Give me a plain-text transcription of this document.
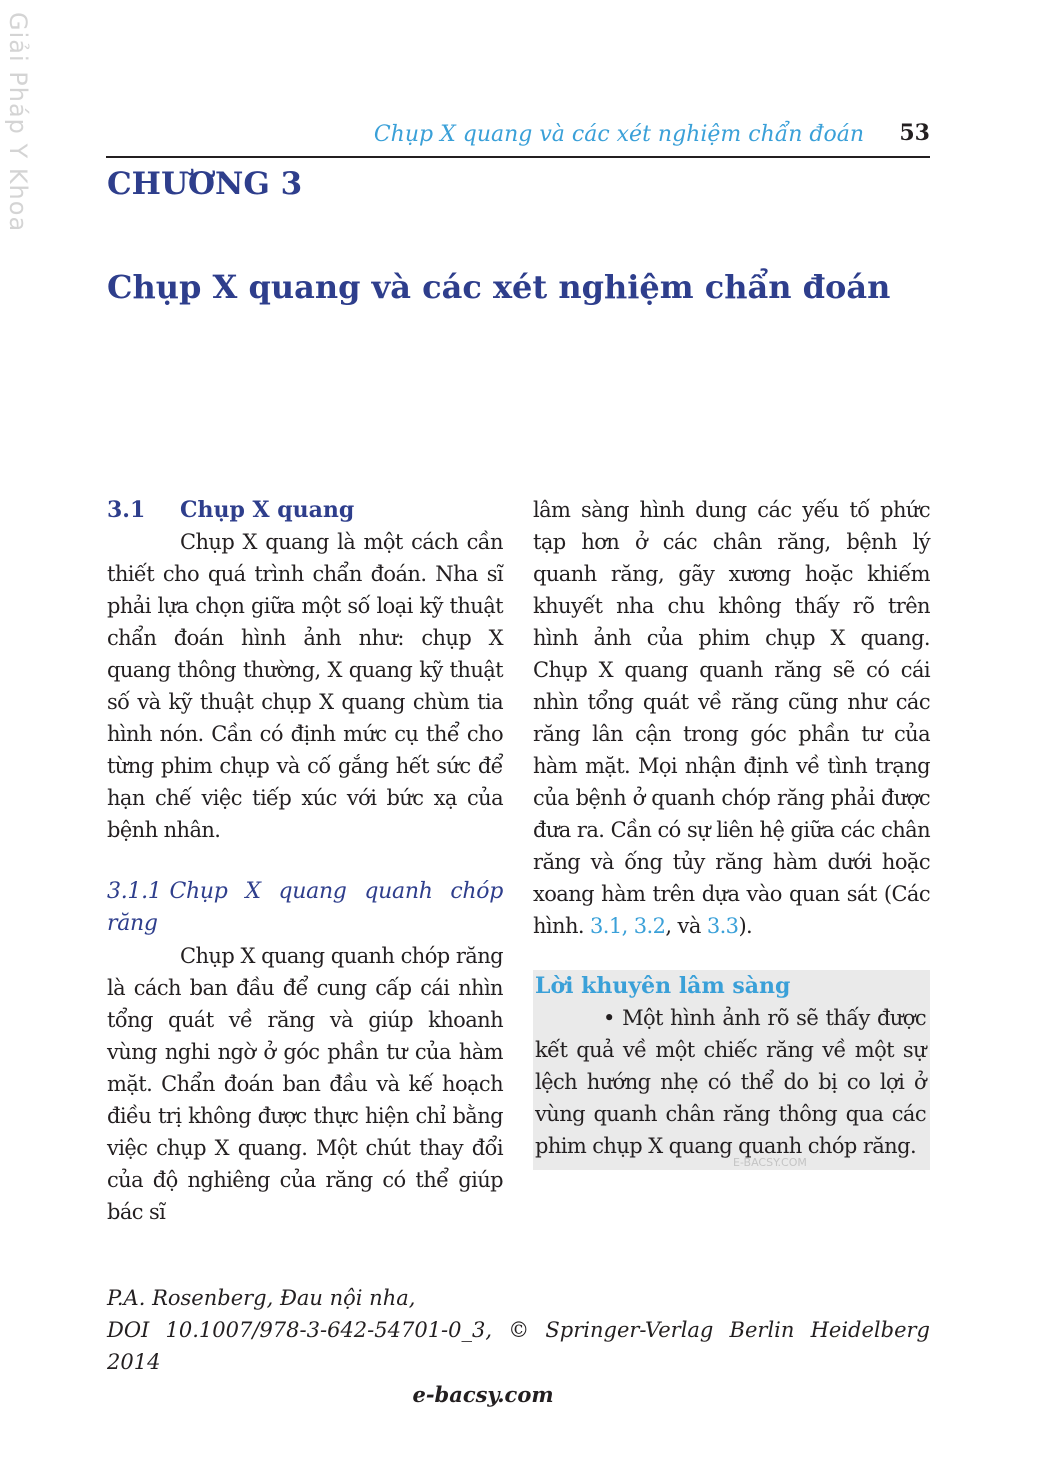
Giải Pháp Y Khoa	Chụp X quang và các xét nghiệm chẩn đoán 53
CHƯƠNG 3
Chụp X quang và các xét nghiệm chẩn đoán
3.1 Chụp X quang

Chụp X quang là một cách cần thiết cho quá trình chẩn đoán. Nha sĩ phải lựa chọn giữa một số loại kỹ thuật chẩn đoán hình ảnh như: chụp X quang thông thường, X quang kỹ thuật số và kỹ thuật chụp X quang chùm tia hình nón. Cần có định mức cụ thể cho từng phim chụp và cố gắng hết sức để hạn chế việc tiếp xúc với bức xạ của bệnh nhân.

3.1.1 Chụp X quang quanh chóp răng

Chụp X quang quanh chóp răng là cách ban đầu để cung cấp cái nhìn tổng quát về răng và giúp khoanh vùng nghi ngờ ở góc phần tư của hàm mặt. Chẩn đoán ban đầu và kế hoạch điều trị không được thực hiện chỉ bằng việc chụp X quang. Một chút thay đổi của độ nghiêng của răng có thể giúp bác sĩ

lâm sàng hình dung các yếu tố phức tạp hơn ở các chân răng, bệnh lý quanh răng, gãy xương hoặc khiếm khuyết nha chu không thấy rõ trên hình ảnh của phim chụp X quang. Chụp X quang quanh răng sẽ có cái nhìn tổng quát về răng cũng như các răng lân cận trong góc phần tư của hàm mặt. Mọi nhận định về tình trạng của bệnh ở quanh chóp răng phải được đưa ra. Cần có sự liên hệ giữa các chân răng và ống tủy răng hàm dưới hoặc xoang hàm trên dựa vào quan sát (Các hình. 3.1, 3.2, và 3.3).

Lời khuyên lâm sàng

• Một hình ảnh rõ sẽ thấy được kết quả về một chiếc răng về một sự lệch hướng nhẹ có thể do bị co lợi ở vùng quanh chân răng thông qua các phim chụp X quang quanh chóp răng.

E-BACSY.COM
P.A. Rosenberg, Đau nội nha,
DOI 10.1007/978-3-642-54701-0_3, © Springer-Verlag Berlin Heidelberg
2014
e-bacsy.com
